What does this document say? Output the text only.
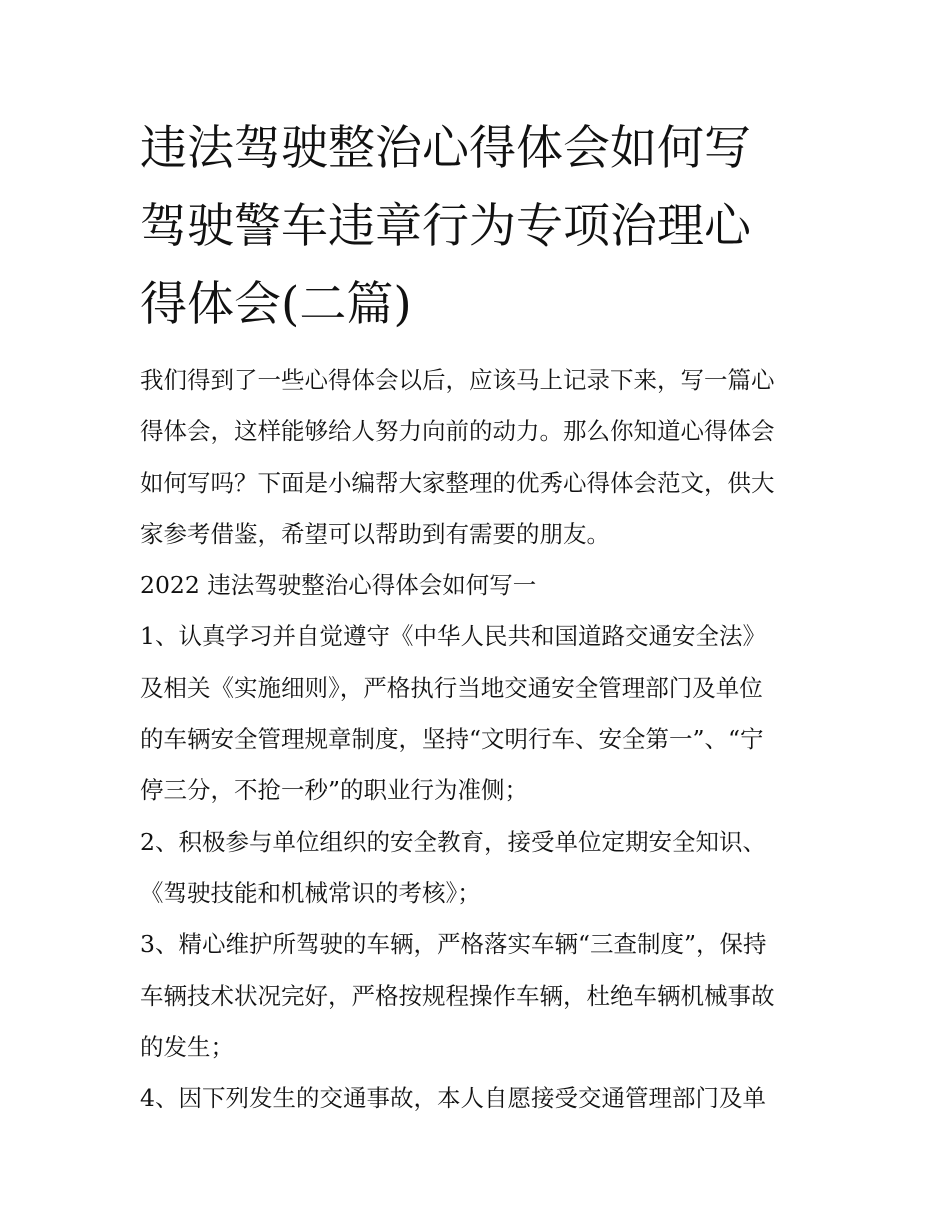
违法驾驶整治心得体会如何写
驾驶警车违章行为专项治理心
得体会(二篇)
我们得到了一些心得体会以后，应该马上记录下来，写一篇心
得体会，这样能够给人努力向前的动力。那么你知道心得体会
如何写吗？下面是小编帮大家整理的优秀心得体会范文，供大
家参考借鉴，希望可以帮助到有需要的朋友。
2022 违法驾驶整治心得体会如何写一
1、认真学习并自觉遵守《中华人民共和国道路交通安全法》
及相关《实施细则》，严格执行当地交通安全管理部门及单位
的车辆安全管理规章制度，坚持“文明行车、安全第一”、“宁
停三分，不抢一秒”的职业行为准侧；
2、积极参与单位组织的安全教育，接受单位定期安全知识、
《驾驶技能和机械常识的考核》；
3、精心维护所驾驶的车辆，严格落实车辆“三查制度”，保持
车辆技术状况完好，严格按规程操作车辆，杜绝车辆机械事故
的发生；
4、因下列发生的交通事故，本人自愿接受交通管理部门及单
